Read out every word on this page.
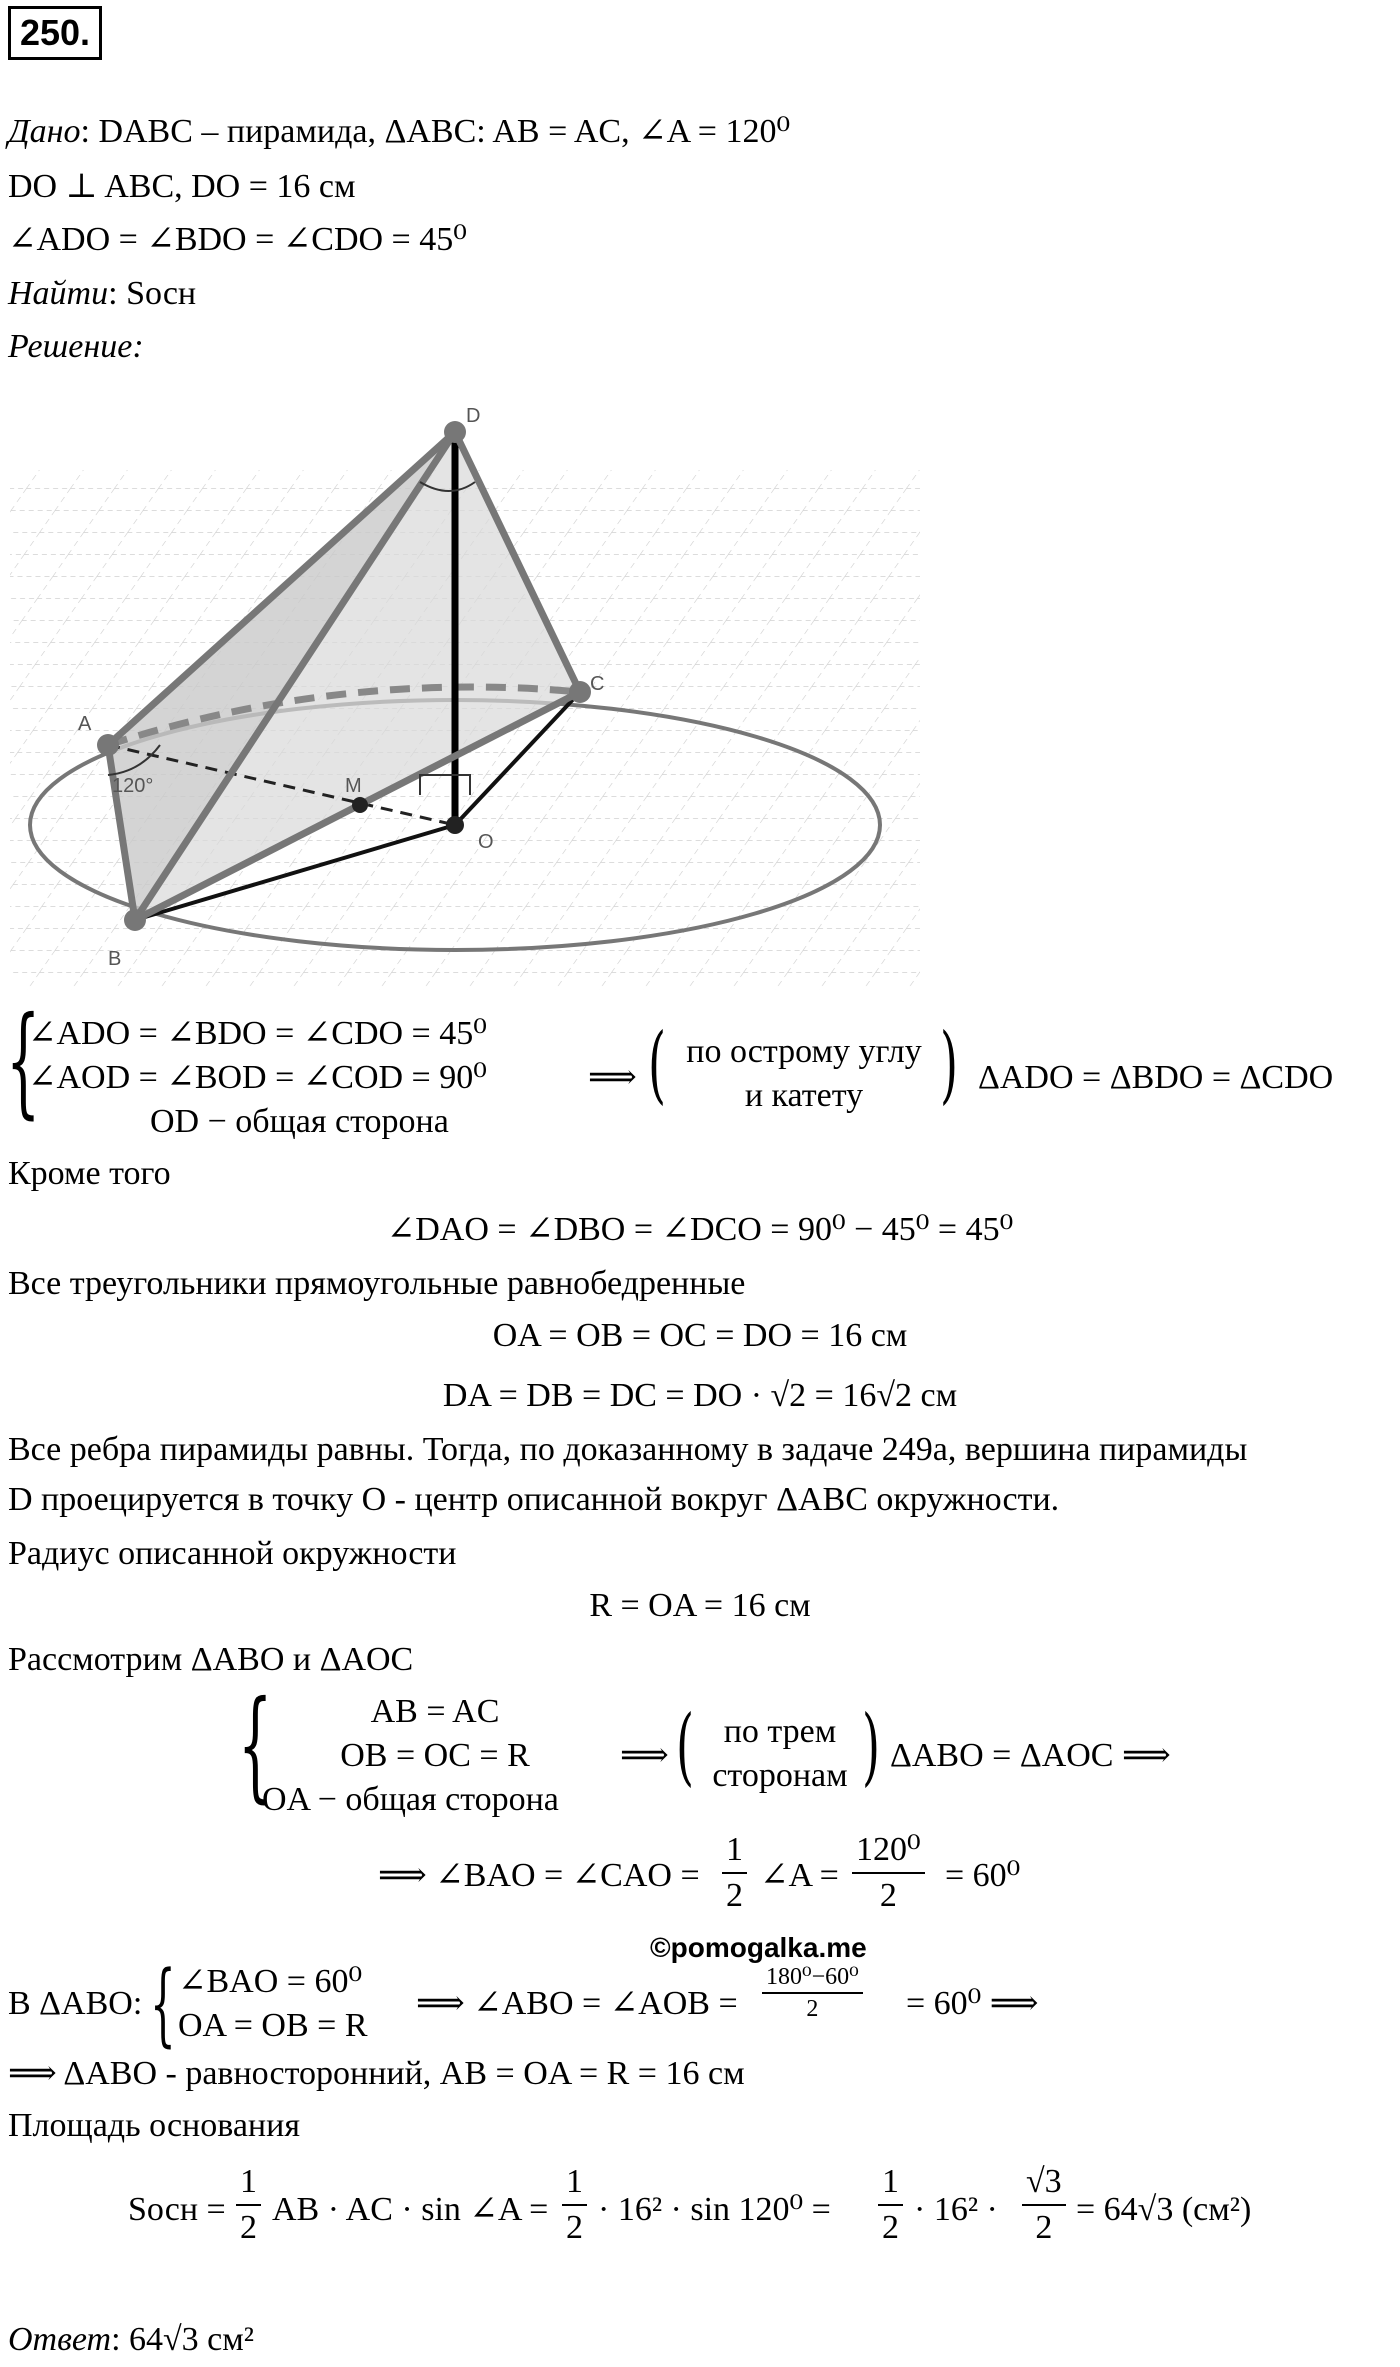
250.
Дано: DABC – пирамида, ΔABC: AB = AC, ∠A = 120⁰
DO ⊥ ABC, DO = 16 см
∠ADO = ∠BDO = ∠CDO = 45⁰
Найти: Sосн
Решение:
D
A
B
C
O
M
120°
{
∠ADO = ∠BDO = ∠CDO = 45⁰
∠AOD = ∠BOD = ∠COD = 90⁰
OD − общая сторона
⟹ ( по острому углу
и катету ) ΔADO = ΔBDO = ΔCDO
Кроме того
∠DAO = ∠DBO = ∠DCO = 90⁰ − 45⁰ = 45⁰
Все треугольники прямоугольные равнобедренные
OA = OB = OC = DO = 16 см
DA = DB = DC = DO · √2 = 16√2 см
Все ребра пирамиды равны. Тогда, по доказанному в задаче 249а, вершина пирамиды
D проецируется в точку O - центр описанной вокруг ΔABC окружности.
Радиус описанной окружности
R = OA = 16 см
Рассмотрим ΔABO и ΔAOC
{	AB = AC
OB = OC = R
OA − общая сторона
⟹ ( по трем
сторонам ) ΔABO = ΔAOC ⟹
⟹ ∠BAO = ∠CAO = $\frac{1}{2}$ ∠A = $\frac{\text{120⁰}}{2} = 60^0$
©pomogalka.me
В ΔABO: { ∠BAO = 60⁰
OA = OB = R
⟹ ∠ABO = ∠AOB = $\frac{\text{180⁰−60⁰}}{2} = 60^0$ ⟹
⟹ ΔABO - равносторонний, AB = OA = R = 16 см
Площадь основания
Sосн = $\frac{1}{2}$ AB · AC · sin ∠A = $\frac{1}{2} \cdot 16^2 \cdot \sin 120^0 = \frac{1}{2} \cdot 16^2 \cdot \frac{√3}{2} = 64√3$ (см²)
Ответ: 64√3 см²
